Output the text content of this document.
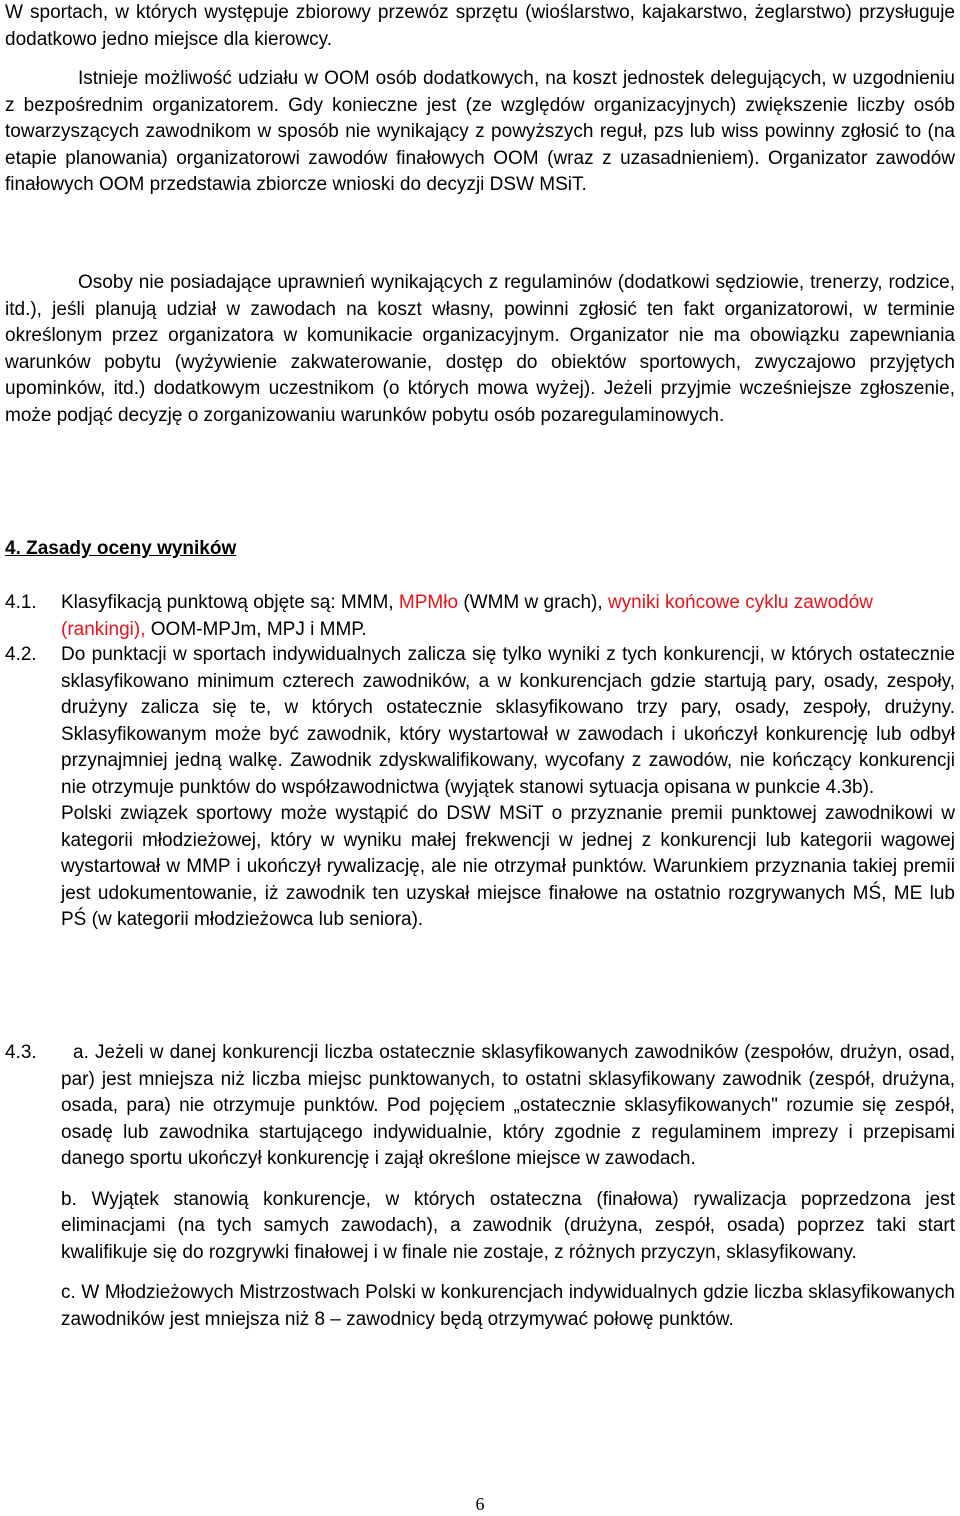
W sportach, w których występuje zbiorowy przewóz sprzętu (wioślarstwo, kajakarstwo, żeglarstwo) przysługuje dodatkowo jedno miejsce dla kierowcy.

Istnieje możliwość udziału w OOM osób dodatkowych, na koszt jednostek delegujących, w uzgodnieniu z bezpośrednim organizatorem. Gdy konieczne jest (ze względów organizacyjnych) zwiększenie liczby osób towarzyszących zawodnikom w sposób nie wynikający z powyższych reguł, pzs lub wiss powinny zgłosić to (na etapie planowania) organizatorowi zawodów finałowych OOM (wraz z uzasadnieniem). Organizator zawodów finałowych OOM przedstawia zbiorcze wnioski do decyzji DSW MSiT.

Osoby nie posiadające uprawnień wynikających z regulaminów (dodatkowi sędziowie, trenerzy, rodzice, itd.), jeśli planują udział w zawodach na koszt własny, powinni zgłosić ten fakt organizatorowi, w terminie określonym przez organizatora w komunikacie organizacyjnym. Organizator nie ma obowiązku zapewniania warunków pobytu (wyżywienie zakwaterowanie, dostęp do obiektów sportowych, zwyczajowo przyjętych upominków, itd.) dodatkowym uczestnikom (o których mowa wyżej). Jeżeli przyjmie wcześniejsze zgłoszenie, może podjąć decyzję o zorganizowaniu warunków pobytu osób pozaregulaminowych.

4. Zasady oceny wyników
4.1. Klasyfikacją punktową objęte są: MMM, MPMło (WMM w grach), wyniki końcowe cyklu zawodów (rankingi), OOM-MPJm, MPJ i MMP.

4.2. Do punktacji w sportach indywidualnych zalicza się tylko wyniki z tych konkurencji, w których ostatecznie sklasyfikowano minimum czterech zawodników, a w konkurencjach gdzie startują pary, osady, zespoły, drużyny zalicza się te, w których ostatecznie sklasyfikowano trzy pary, osady, zespoły, drużyny. Sklasyfikowanym może być zawodnik, który wystartował w zawodach i ukończył konkurencję lub odbył przynajmniej jedną walkę. Zawodnik zdyskwalifikowany, wycofany z zawodów, nie kończący konkurencji nie otrzymuje punktów do współzawodnictwa (wyjątek stanowi sytuacja opisana w punkcie 4.3b).

Polski związek sportowy może wystąpić do DSW MSiT o przyznanie premii punktowej zawodnikowi w kategorii młodzieżowej, który w wyniku małej frekwencji w jednej z konkurencji lub kategorii wagowej wystartował w MMP i ukończył rywalizację, ale nie otrzymał punktów. Warunkiem przyznania takiej premii jest udokumentowanie, iż zawodnik ten uzyskał miejsce finałowe na ostatnio rozgrywanych MŚ, ME lub PŚ (w kategorii młodzieżowca lub seniora).

4.3.	a. Jeżeli w danej konkurencji liczba ostatecznie sklasyfikowanych zawodników (zespołów, drużyn, osad, par) jest mniejsza niż liczba miejsc punktowanych, to ostatni sklasyfikowany zawodnik (zespół, drużyna, osada, para) nie otrzymuje punktów. Pod pojęciem „ostatecznie sklasyfikowanych" rozumie się zespół, osadę lub zawodnika startującego indywidualnie, który zgodnie z regulaminem imprezy i przepisami danego sportu ukończył konkurencję i zajął określone miejsce w zawodach.

b. Wyjątek stanowią konkurencje, w których ostateczna (finałowa) rywalizacja poprzedzona jest eliminacjami (na tych samych zawodach), a zawodnik (drużyna, zespół, osada) poprzez taki start kwalifikuje się do rozgrywki finałowej i w finale nie zostaje, z różnych przyczyn, sklasyfikowany.

c. W Młodzieżowych Mistrzostwach Polski w konkurencjach indywidualnych gdzie liczba sklasyfikowanych zawodników jest mniejsza niż 8 – zawodnicy będą otrzymywać połowę punktów.

6
